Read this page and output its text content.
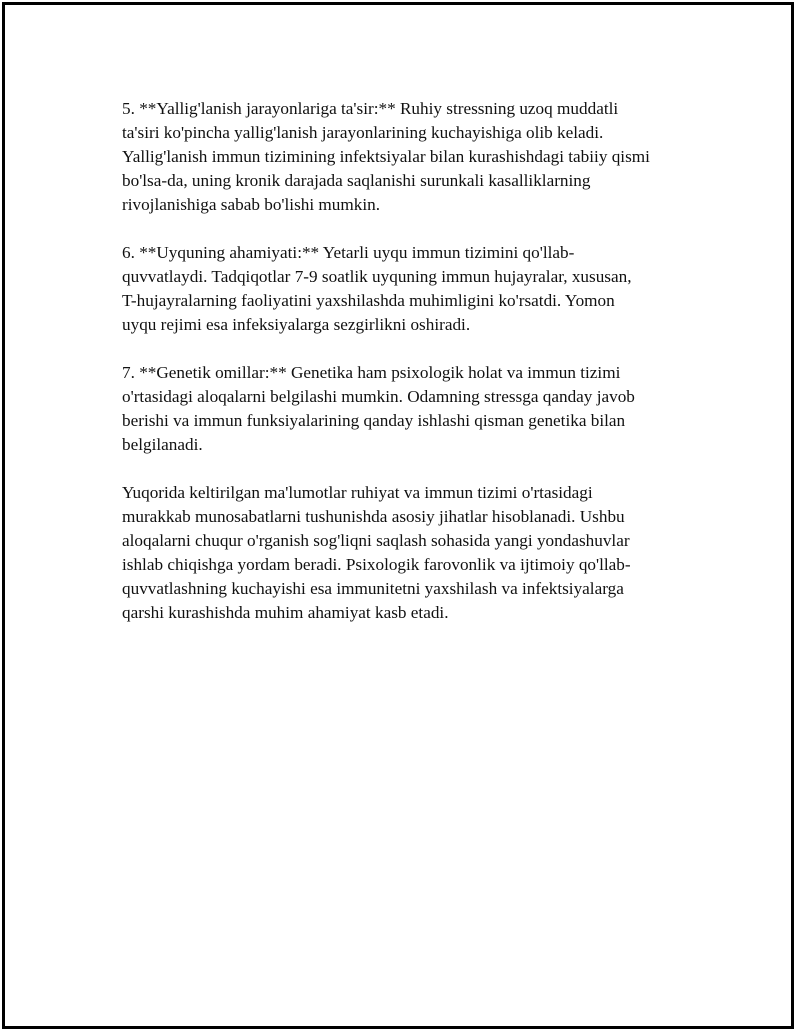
5. **Yallig'lanish jarayonlariga ta'sir:** Ruhiy stressning uzoq muddatli
ta'siri ko'pincha yallig'lanish jarayonlarining kuchayishiga olib keladi.
Yallig'lanish immun tizimining infektsiyalar bilan kurashishdagi tabiiy qismi
bo'lsa-da, uning kronik darajada saqlanishi surunkali kasalliklarning
rivojlanishiga sabab bo'lishi mumkin.

6. **Uyquning ahamiyati:** Yetarli uyqu immun tizimini qo'llab-
quvvatlaydi. Tadqiqotlar 7-9 soatlik uyquning immun hujayralar, xususan,
T-hujayralarning faoliyatini yaxshilashda muhimligini ko'rsatdi. Yomon
uyqu rejimi esa infeksiyalarga sezgirlikni oshiradi.

7. **Genetik omillar:** Genetika ham psixologik holat va immun tizimi
o'rtasidagi aloqalarni belgilashi mumkin. Odamning stressga qanday javob
berishi va immun funksiyalarining qanday ishlashi qisman genetika bilan
belgilanadi.

Yuqorida keltirilgan ma'lumotlar ruhiyat va immun tizimi o'rtasidagi
murakkab munosabatlarni tushunishda asosiy jihatlar hisoblanadi. Ushbu
aloqalarni chuqur o'rganish sog'liqni saqlash sohasida yangi yondashuvlar
ishlab chiqishga yordam beradi. Psixologik farovonlik va ijtimoiy qo'llab-
quvvatlashning kuchayishi esa immunitetni yaxshilash va infektsiyalarga
qarshi kurashishda muhim ahamiyat kasb etadi.
